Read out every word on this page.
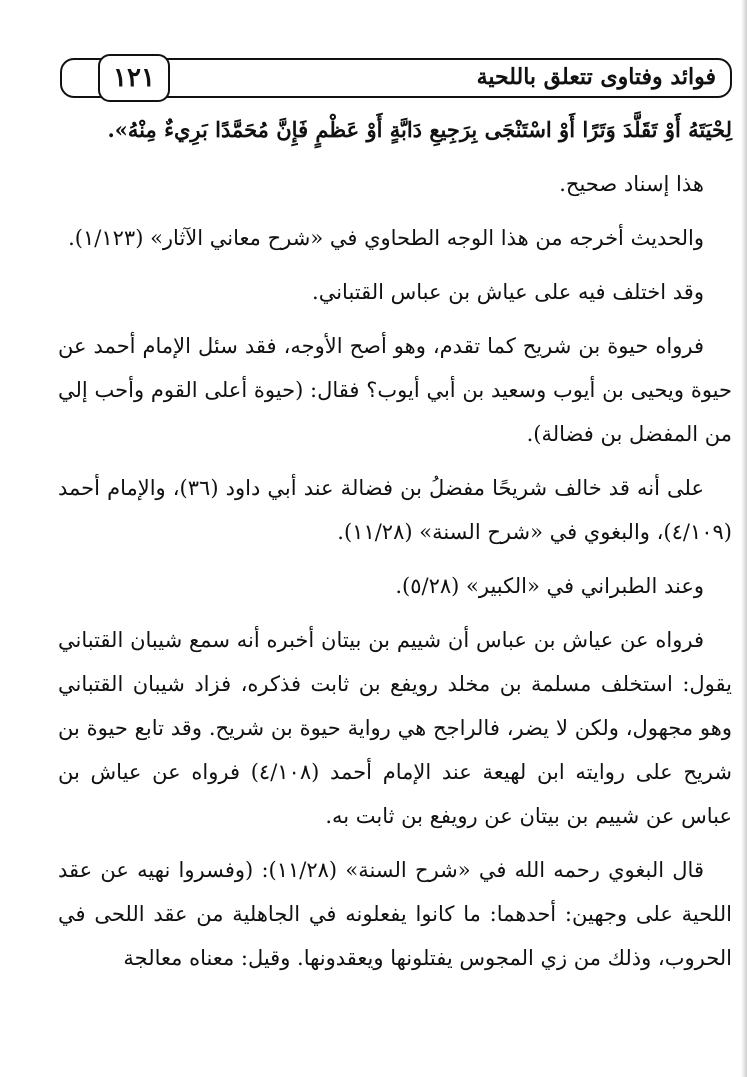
فوائد وفتاوى تتعلق باللحية
١٢١

لِحْيَتَهُ أَوْ تَقَلَّدَ وَتَرًا أَوْ اسْتَنْجَى بِرَجِيعِ دَابَّةٍ أَوْ عَظْمٍ فَإِنَّ مُحَمَّدًا بَرِيءٌ مِنْهُ».

هذا إسناد صحيح.

والحديث أخرجه من هذا الوجه الطحاوي في «شرح معاني الآثار» (١/١٢٣).

وقد اختلف فيه على عياش بن عباس القتباني.

فرواه حيوة بن شريح كما تقدم، وهو أصح الأوجه، فقد سئل الإمام أحمد عن حيوة ويحيى بن أيوب وسعيد بن أبي أيوب؟ فقال: (حيوة أعلى القوم وأحب إلي من المفضل بن فضالة).

على أنه قد خالف شريحًا مفضلُ بن فضالة عند أبي داود (٣٦)، والإمام أحمد (٤/١٠٩)، والبغوي في «شرح السنة» (١١/٢٨).

وعند الطبراني في «الكبير» (٥/٢٨).

فرواه عن عياش بن عباس أن شييم بن بيتان أخبره أنه سمع شيبان القتباني يقول: استخلف مسلمة بن مخلد رويفع بن ثابت فذكره، فزاد شيبان القتباني وهو مجهول، ولكن لا يضر، فالراجح هي رواية حيوة بن شريح. وقد تابع حيوة بن شريح على روايته ابن لهيعة عند الإمام أحمد (٤/١٠٨) فرواه عن عياش بن عباس عن شييم بن بيتان عن رويفع بن ثابت به.

قال البغوي رحمه الله في «شرح السنة» (١١/٢٨): (وفسروا نهيه عن عقد اللحية على وجهين: أحدهما: ما كانوا يفعلونه في الجاهلية من عقد اللحى في الحروب، وذلك من زي المجوس يفتلونها ويعقدونها. وقيل: معناه معالجة
